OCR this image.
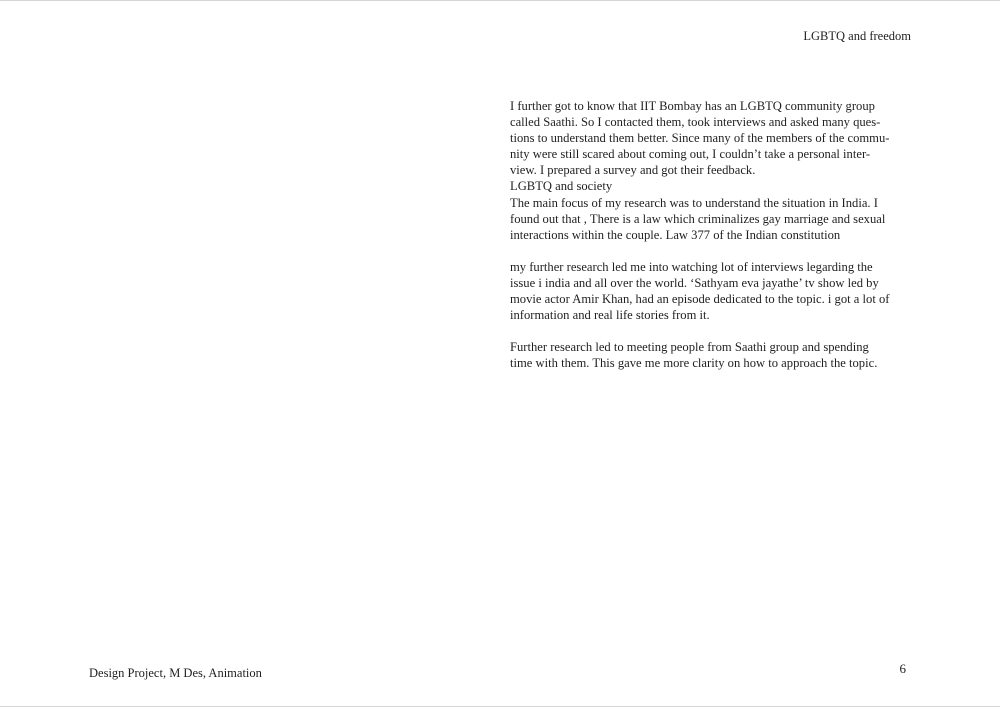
LGBTQ and freedom

I further got to know that IIT Bombay has an LGBTQ community group
called Saathi. So I contacted them, took interviews and asked many ques-
tions to understand them better. Since many of the members of the commu-
nity were still scared about coming out, I couldn’t take a personal inter-
view. I prepared a survey and got their feedback.

LGBTQ and society

The main focus of my research was to understand the situation in India. I
found out that , There is a law which criminalizes gay marriage and sexual
interactions within the couple. Law 377 of the Indian constitution

my further research led me into watching lot of interviews legarding the
issue i india and all over the world. ‘Sathyam eva jayathe’ tv show led by
movie actor Amir Khan, had an episode dedicated to the topic. i got a lot of
information and real life stories from it.

Further research led to meeting people from Saathi group and spending
time with them. This gave me more clarity on how to approach the topic.

Design Project, M Des, Animation	6
